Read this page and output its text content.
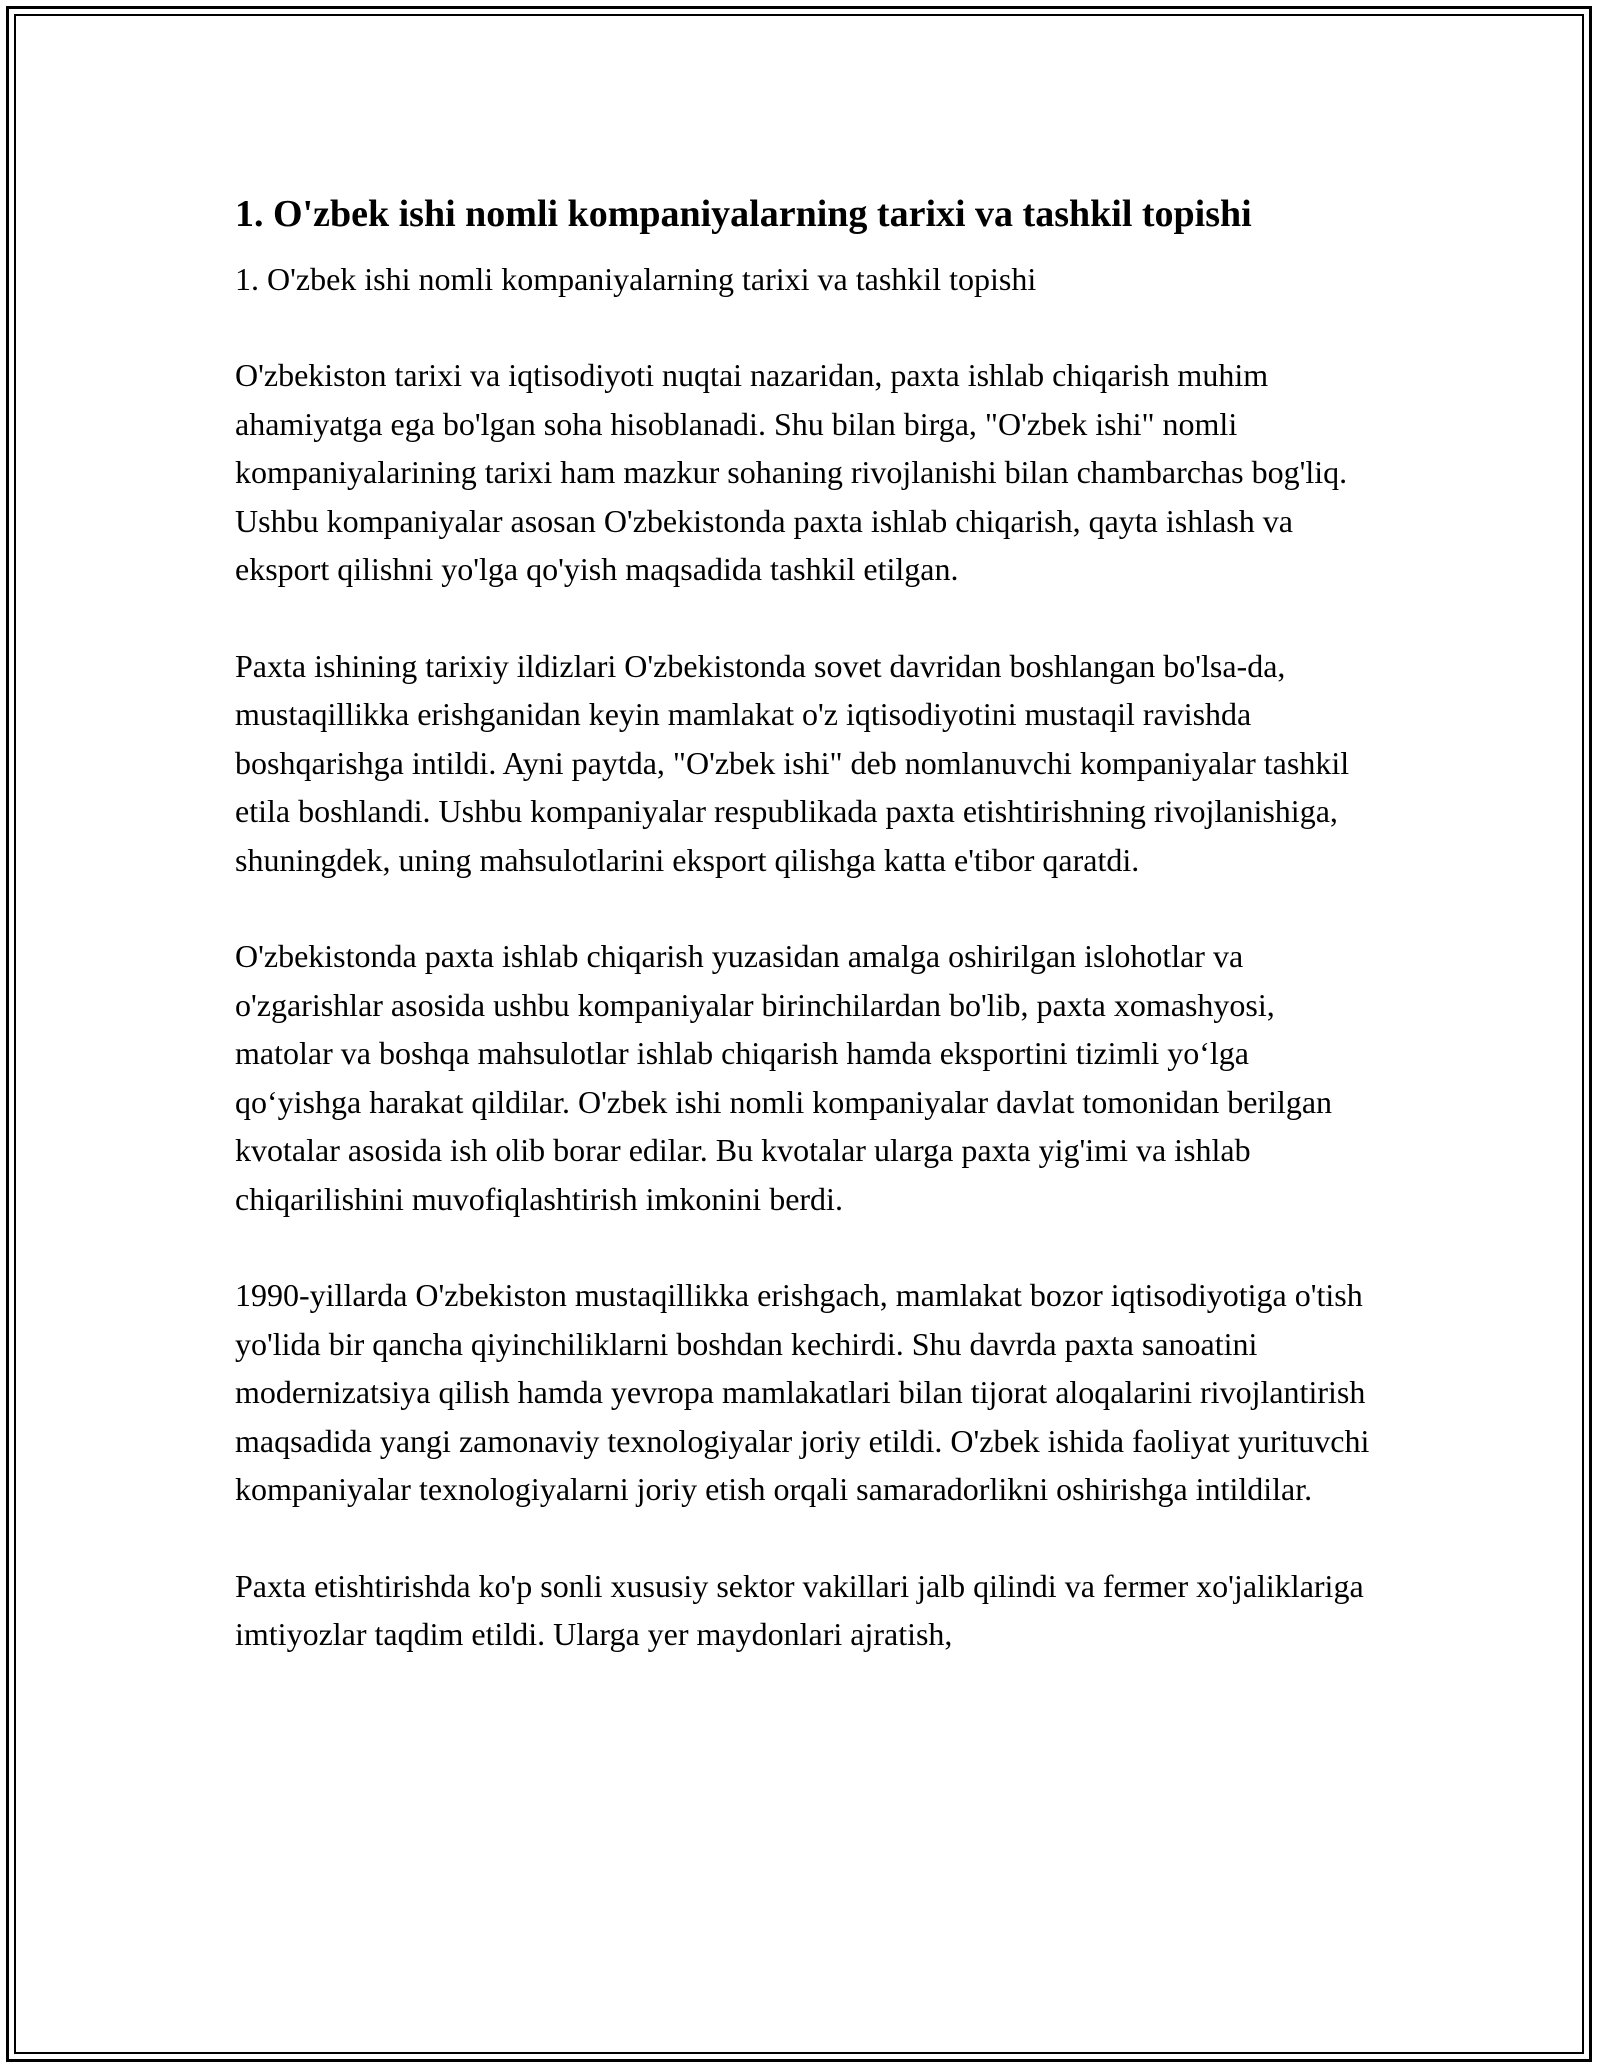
1. O'zbek ishi nomli kompaniyalarning tarixi va tashkil topishi

1. O'zbek ishi nomli kompaniyalarning tarixi va tashkil topishi

O'zbekiston tarixi va iqtisodiyoti nuqtai nazaridan, paxta ishlab chiqarish muhim ahamiyatga ega bo'lgan soha hisoblanadi. Shu bilan birga, "O'zbek ishi" nomli kompaniyalarining tarixi ham mazkur sohaning rivojlanishi bilan chambarchas bog'liq. Ushbu kompaniyalar asosan O'zbekistonda paxta ishlab chiqarish, qayta ishlash va eksport qilishni yo'lga qo'yish maqsadida tashkil etilgan.

Paxta ishining tarixiy ildizlari O'zbekistonda sovet davridan boshlangan bo'lsa-da, mustaqillikka erishganidan keyin mamlakat o'z iqtisodiyotini mustaqil ravishda boshqarishga intildi. Ayni paytda, "O'zbek ishi" deb nomlanuvchi kompaniyalar tashkil etila boshlandi. Ushbu kompaniyalar respublikada paxta etishtirishning rivojlanishiga, shuningdek, uning mahsulotlarini eksport qilishga katta e'tibor qaratdi.

O'zbekistonda paxta ishlab chiqarish yuzasidan amalga oshirilgan islohotlar va o'zgarishlar asosida ushbu kompaniyalar birinchilardan bo'lib, paxta xomashyosi, matolar va boshqa mahsulotlar ishlab chiqarish hamda eksportini tizimli yo‘lga qo‘yishga harakat qildilar. O'zbek ishi nomli kompaniyalar davlat tomonidan berilgan kvotalar asosida ish olib borar edilar. Bu kvotalar ularga paxta yig'imi va ishlab chiqarilishini muvofiqlashtirish imkonini berdi.

1990-yillarda O'zbekiston mustaqillikka erishgach, mamlakat bozor iqtisodiyotiga o'tish yo'lida bir qancha qiyinchiliklarni boshdan kechirdi. Shu davrda paxta sanoatini modernizatsiya qilish hamda yevropa mamlakatlari bilan tijorat aloqalarini rivojlantirish maqsadida yangi zamonaviy texnologiyalar joriy etildi. O'zbek ishida faoliyat yurituvchi kompaniyalar texnologiyalarni joriy etish orqali samaradorlikni oshirishga intildilar.

Paxta etishtirishda ko'p sonli xususiy sektor vakillari jalb qilindi va fermer xo'jaliklariga imtiyozlar taqdim etildi. Ularga yer maydonlari ajratish,
